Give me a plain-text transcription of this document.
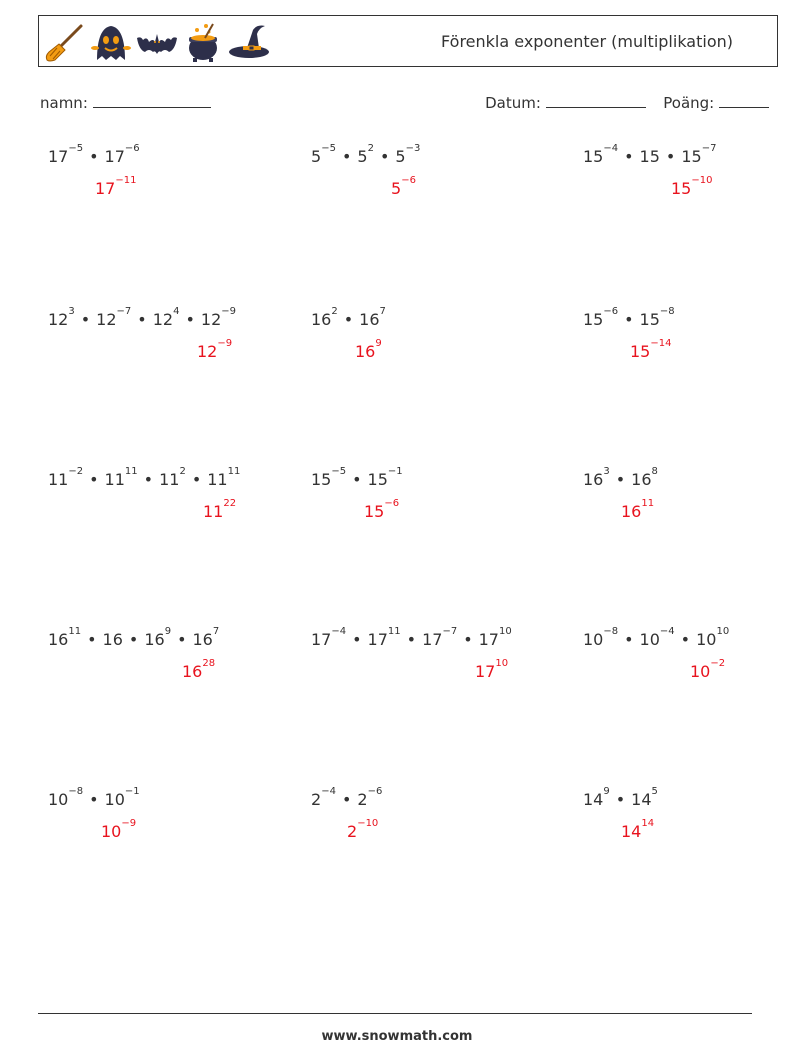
Förenkla exponenter (multiplikation)
namn:	Datum:	Poäng:
$17^{-5}$ • $17^{-6}$
$17^{-11}$
$5^{-5}$ • $5^2$ • $5^{-3}$
$5^{-6}$
$15^{-4}$ • 15 • $15^{-7}$
$15^{-10}$
$12^3$ • $12^{-7}$ • $12^4$ • $12^{-9}$
$12^{-9}$
$16^2$ • $16^7$
$16^9$
$15^{-6}$ • $15^{-8}$
$15^{-14}$
$11^{-2}$ • $11^{11}$ • $11^2$ • $11^{11}$
$11^{22}$
$15^{-5}$ • $15^{-1}$
$15^{-6}$
$16^3$ • $16^8$
$16^{11}$
$16^{11}$ • 16 • $16^9$ • $16^7$
$16^{28}$
$17^{-4}$ • $17^{11}$ • $17^{-7}$ • $17^{10}$
$17^{10}$
$10^{-8}$ • $10^{-4}$ • $10^{10}$
$10^{-2}$
$10^{-8}$ • $10^{-1}$
$10^{-9}$
$2^{-4}$ • $2^{-6}$
$2^{-10}$
$14^9$ • $14^5$
$14^{14}$
www.snowmath.com
